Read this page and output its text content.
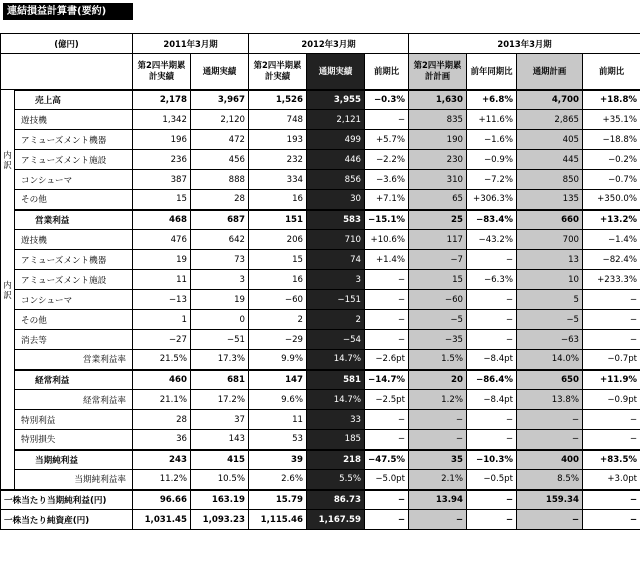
連結損益計算書(要約)
(億円)		2011年3月期		2012年3月期			2013年3月期			
		第2四半期累計実績	通期実績	第2四半期累計実績	通期実績	前期比	第2四半期累計計画	前年同期比	通期計画	前期比
	売上高	2,178	3,967	1,526	3,955	−0.3%	1,630	+6.8%	4,700	+18.8%
内訳	遊技機	1,342	2,120	748	2,121	−	835	+11.6%	2,865	+35.1%
	アミューズメント機器	196	472	193	499	+5.7%	190	−1.6%	405	−18.8%
	アミューズメント施設	236	456	232	446	−2.2%	230	−0.9%	445	−0.2%
	コンシューマ	387	888	334	856	−3.6%	310	−7.2%	850	−0.7%
	その他	15	28	16	30	+7.1%	65	+306.3%	135	+350.0%
	営業利益	468	687	151	583	−15.1%	25	−83.4%	660	+13.2%
内訳	遊技機	476	642	206	710	+10.6%	117	−43.2%	700	−1.4%
	アミューズメント機器	19	73	15	74	+1.4%	−7	−	13	−82.4%
	アミューズメント施設	11	3	16	3	−	15	−6.3%	10	+233.3%
	コンシューマ	−13	19	−60	−151	−	−60	−	5	−
	その他	1	0	2	2	−	−5	−	−5	−
	消去等	−27	−51	−29	−54	−	−35	−	−63	−
	営業利益率	21.5%	17.3%	9.9%	14.7%	−2.6pt	1.5%	−8.4pt	14.0%	−0.7pt
	経常利益	460	681	147	581	−14.7%	20	−86.4%	650	+11.9%
	経常利益率	21.1%	17.2%	9.6%	14.7%	−2.5pt	1.2%	−8.4pt	13.8%	−0.9pt
	特別利益	28	37	11	33	−	−	−	−	−
	特別損失	36	143	53	185	−	−	−	−	−
	当期純利益	243	415	39	218	−47.5%	35	−10.3%	400	+83.5%
	当期純利益率	11.2%	10.5%	2.6%	5.5%	−5.0pt	2.1%	−0.5pt	8.5%	+3.0pt
一株当たり当期純利益(円)		96.66	163.19	15.79	86.73	−	13.94	−	159.34	−
一株当たり純資産(円)		1,031.45	1,093.23	1,115.46	1,167.59	−	−	−	−	−
